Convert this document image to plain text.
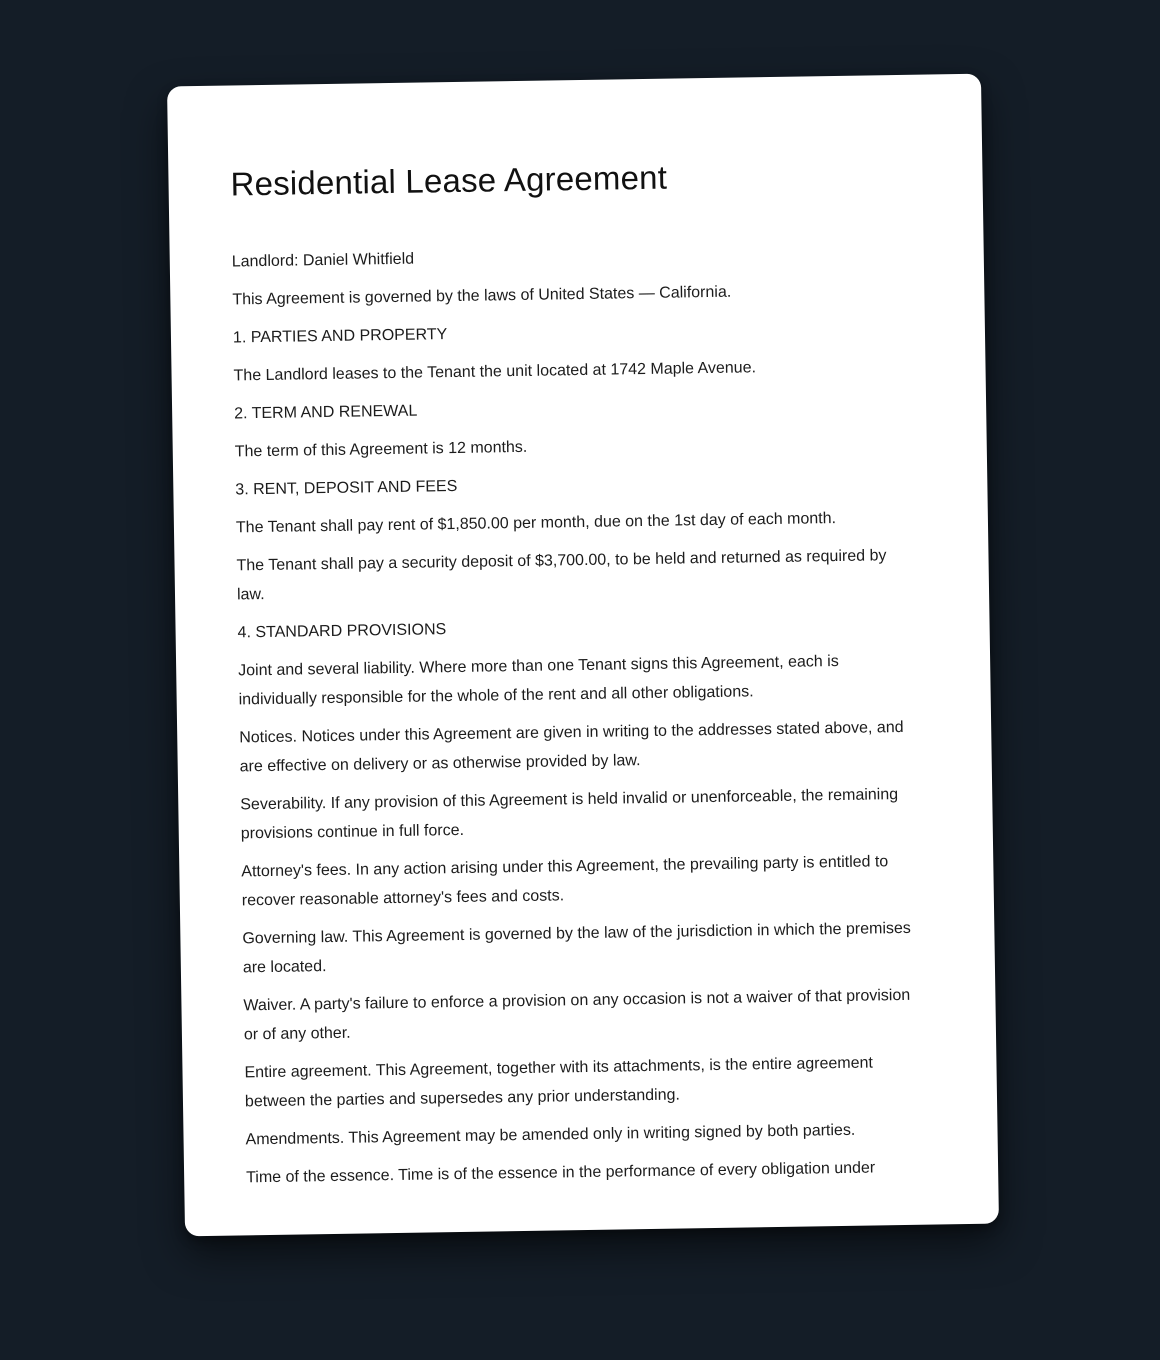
Residential Lease Agreement

Landlord: Daniel Whitfield

This Agreement is governed by the laws of United States — California.

1. PARTIES AND PROPERTY

The Landlord leases to the Tenant the unit located at 1742 Maple Avenue.

2. TERM AND RENEWAL

The term of this Agreement is 12 months.

3. RENT, DEPOSIT AND FEES

The Tenant shall pay rent of $1,850.00 per month, due on the 1st day of each month.

The Tenant shall pay a security deposit of $3,700.00, to be held and returned as required by law.

4. STANDARD PROVISIONS

Joint and several liability. Where more than one Tenant signs this Agreement, each is individually responsible for the whole of the rent and all other obligations.

Notices. Notices under this Agreement are given in writing to the addresses stated above, and are effective on delivery or as otherwise provided by law.

Severability. If any provision of this Agreement is held invalid or unenforceable, the remaining provisions continue in full force.

Attorney's fees. In any action arising under this Agreement, the prevailing party is entitled to recover reasonable attorney's fees and costs.

Governing law. This Agreement is governed by the law of the jurisdiction in which the premises are located.

Waiver. A party's failure to enforce a provision on any occasion is not a waiver of that provision or of any other.

Entire agreement. This Agreement, together with its attachments, is the entire agreement between the parties and supersedes any prior understanding.

Amendments. This Agreement may be amended only in writing signed by both parties.

Time of the essence. Time is of the essence in the performance of every obligation under
